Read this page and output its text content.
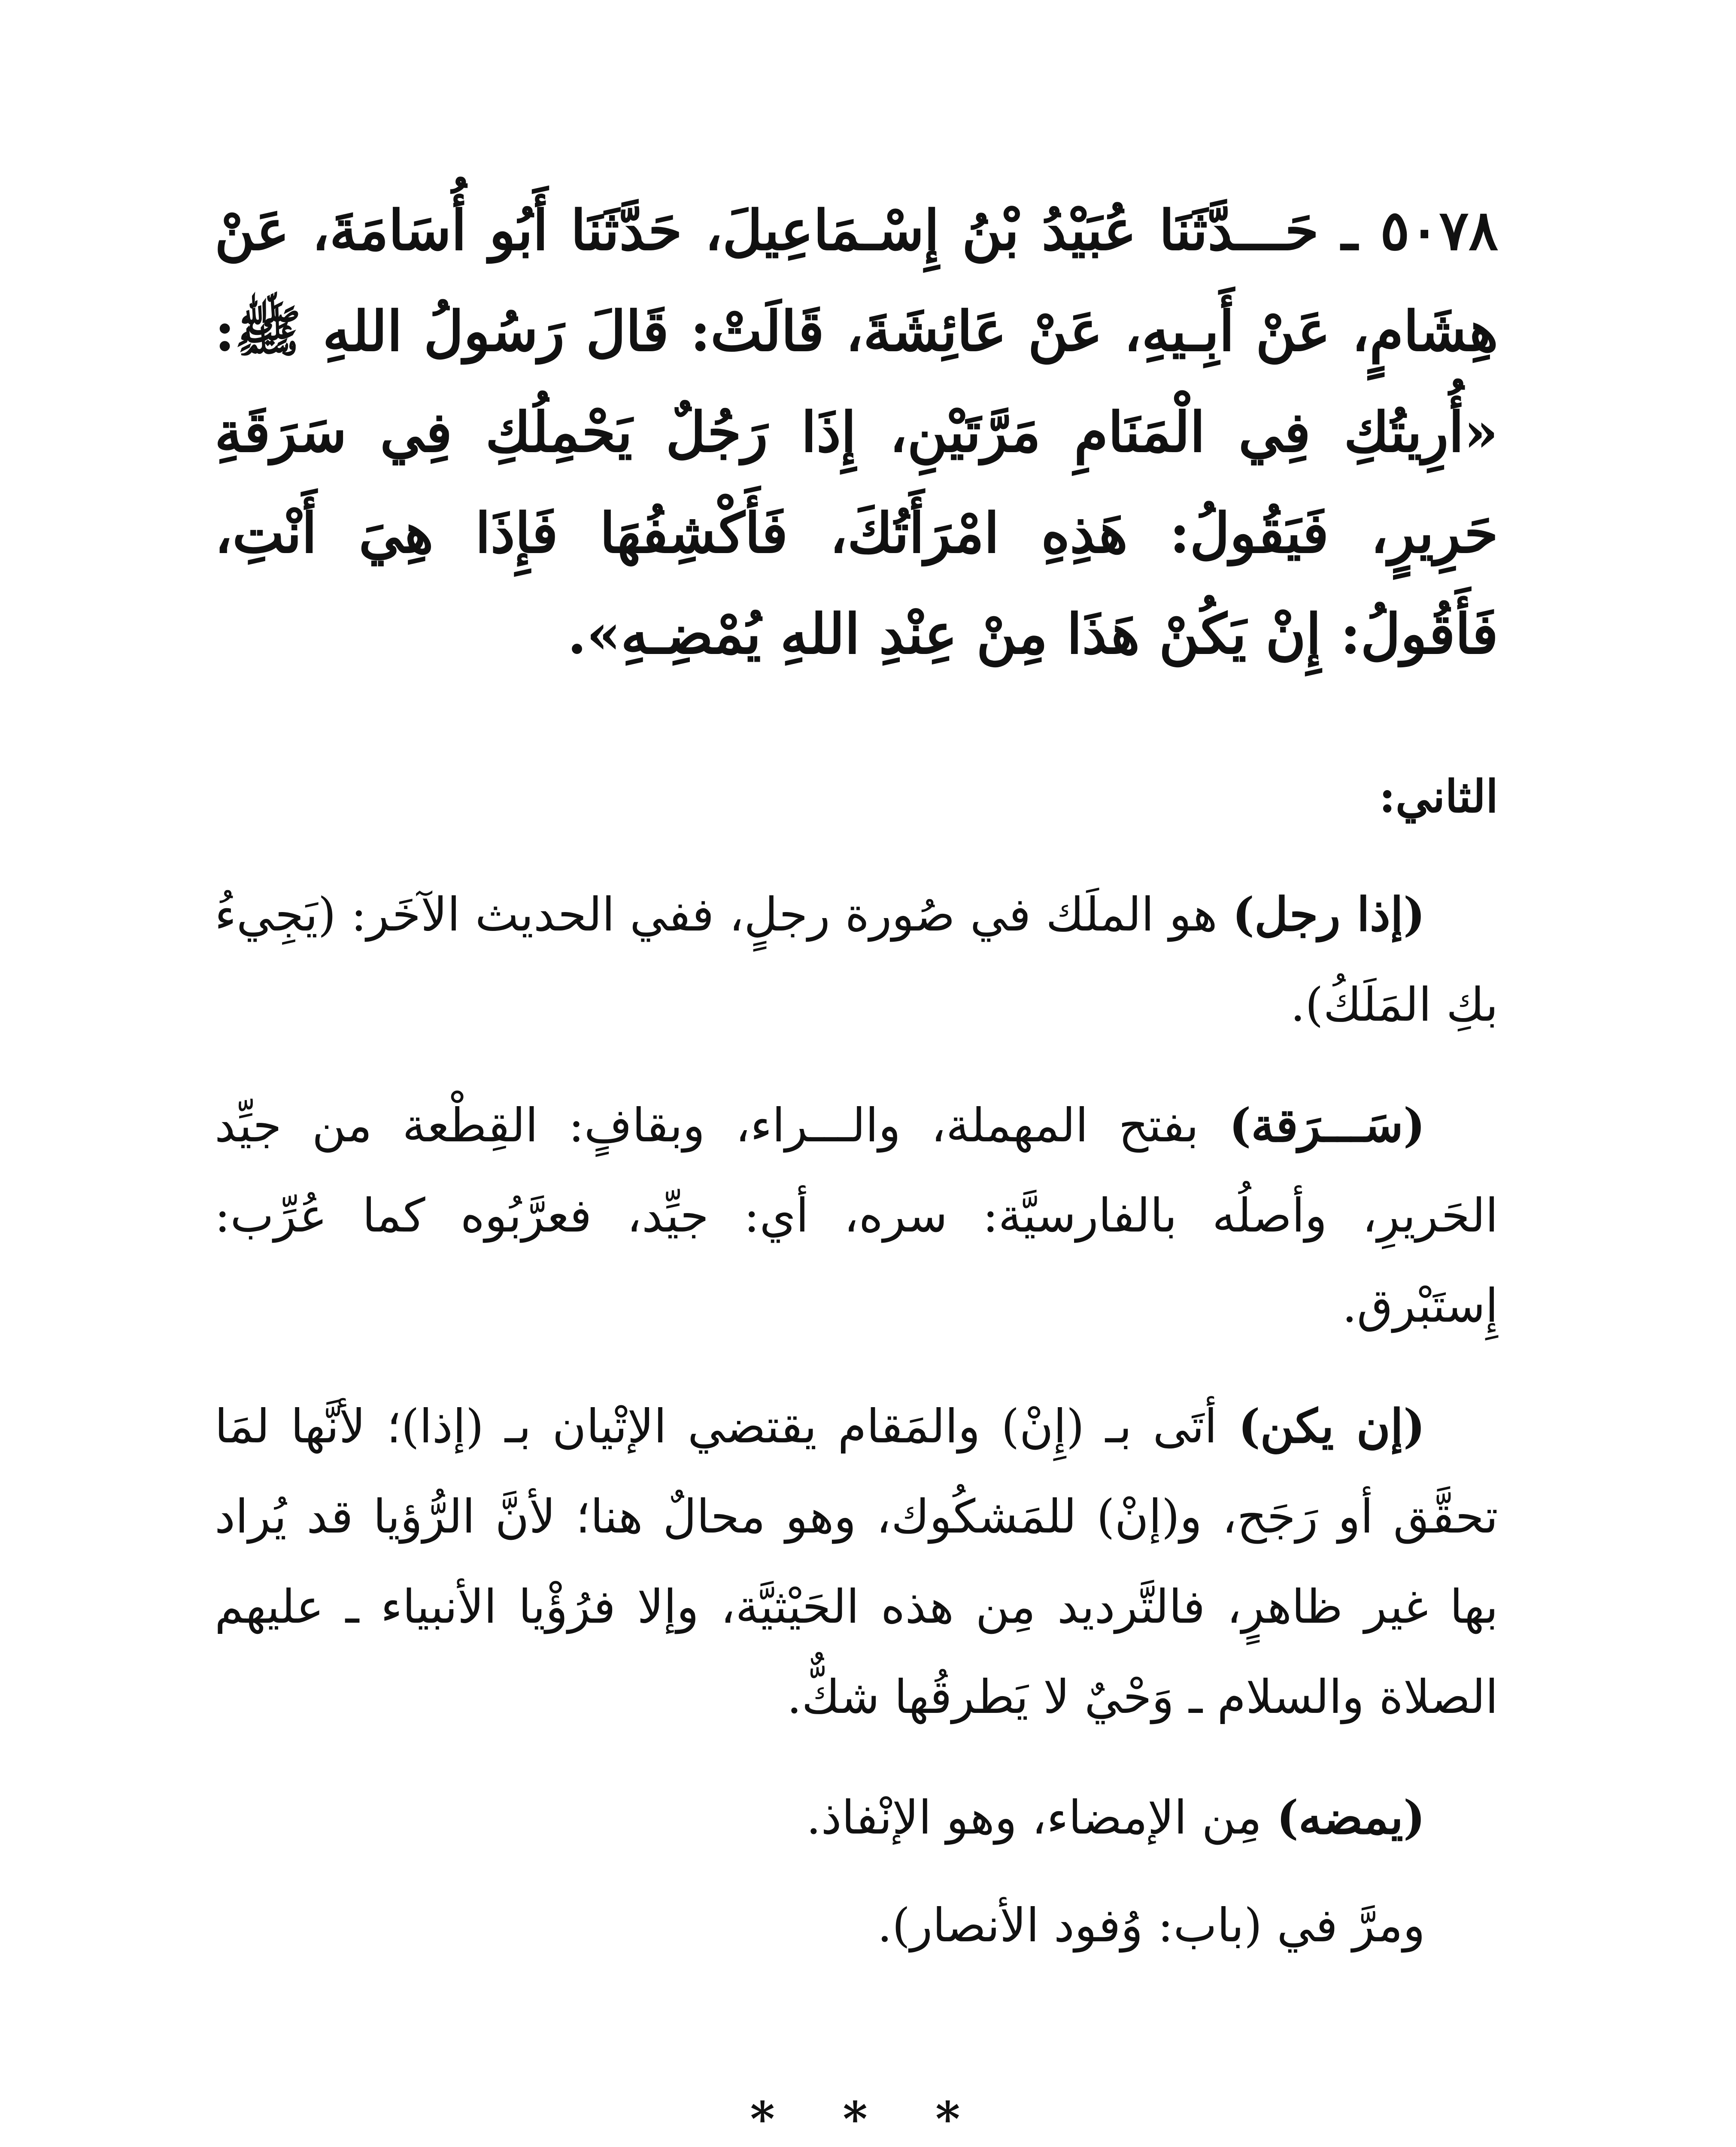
٥٠٧٨ ـ حَـــدَّثَنَا عُبَيْدُ بْنُ إِسْـمَاعِيلَ، حَدَّثَنَا أَبُو أُسَامَةَ، عَنْ هِشَامٍ، عَنْ أَبِـيهِ، عَنْ عَائِشَةَ، قَالَتْ: قَالَ رَسُولُ اللهِ ﷺ: «أُرِيتُكِ فِي الْمَنَامِ مَرَّتَيْنِ، إِذَا رَجُلٌ يَحْمِلُكِ فِي سَرَقَةِ حَرِيرٍ، فَيَقُولُ: هَذِهِ امْرَأَتُكَ، فَأَكْشِفُهَا فَإِذَا هِيَ أَنْتِ، فَأَقُولُ: إِنْ يَكُنْ هَذَا مِنْ عِنْدِ اللهِ يُمْضِـهِ».

الثاني:

(إذا رجل) هو الملَك في صُورة رجلٍ، ففي الحديث الآخَر: (يَجِيءُ بكِ المَلَكُ).

(سَـــرَقة) بفتح المهملة، والـــراء، وبقافٍ: القِطْعة من جيِّد الحَريرِ، وأصلُه بالفارسيَّة: سره، أي: جيِّد، فعرَّبُوه كما عُرِّب: إِستَبْرق.

(إن يكن) أتَى بـ (إِنْ) والمَقام يقتضي الإتْيان بـ (إذا)؛ لأنَّها لمَا تحقَّق أو رَجَح، و(إنْ) للمَشكُوك، وهو محالٌ هنا؛ لأنَّ الرُّؤيا قد يُراد بها غير ظاهرٍ، فالتَّرديد مِن هذه الحَيْثيَّة، وإلا فرُؤْيا الأنبياء ـ عليهم الصلاة والسلام ـ وَحْيٌ لا يَطرقُها شكٌّ.

(يمضه) مِن الإمضاء، وهو الإنْفاذ.

ومرَّ في (باب: وُفود الأنصار).

* * *
